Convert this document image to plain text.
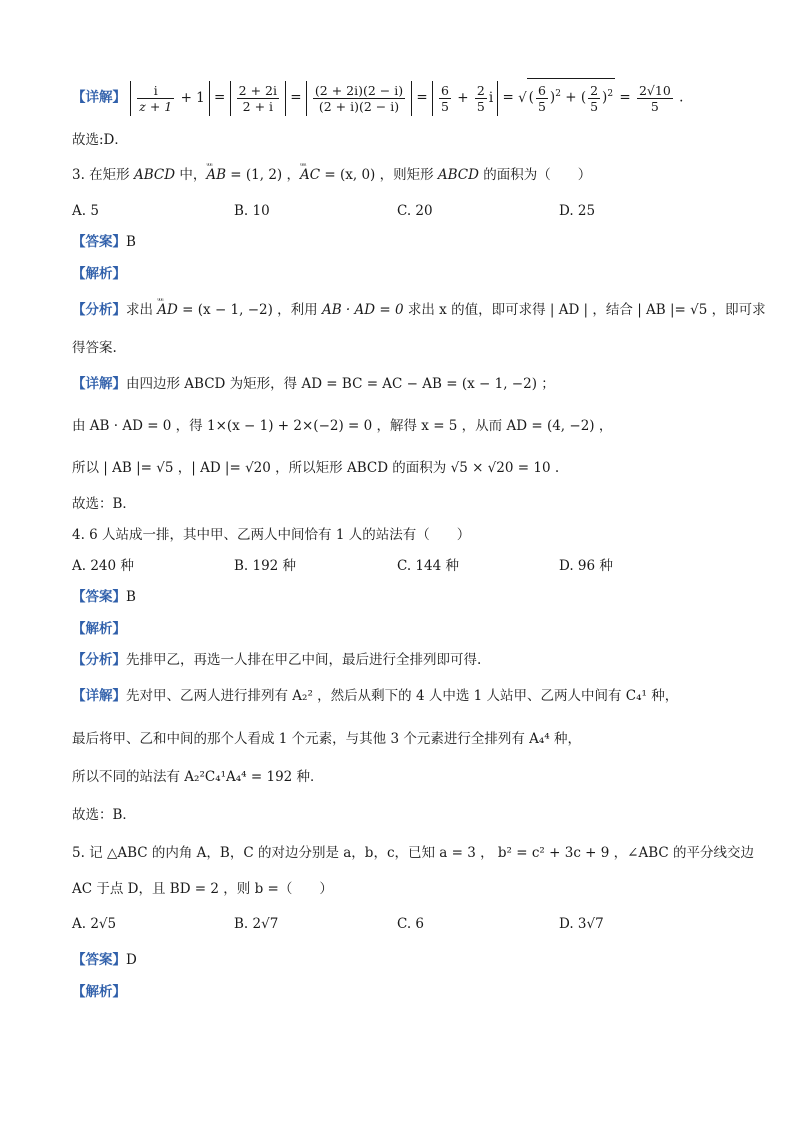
【详解】 $\frac{i}{z + 1} + 1 = \frac{2 + 2i}{2 + i} = \frac{(2 + 2i)(2 - i)}{(2 + i)(2 - i)} = \frac{6}{5} + \frac{2}{5}$ i = √( $\frac{6}{5} )^2$ + ( $\frac{2}{5} )^2 = \frac{2√10}{5}$ .
故选:D．
3. 在矩形 ABCD 中，ᵘᵘᵘ AB = (1, 2) ，ᵘᵘᵘ AC = (x, 0) ，则矩形 ABCD 的面积为（　　）
A. 5	B. 10	C. 20	D. 25
【答案】B
【解析】
【分析】求出 ᵘᵘᵘ AD = (x − 1, −2) ，利用 AB · AD = 0 求出 x 的值，即可求得 | AD | ，结合 | AB |= √5 ，即可求
得答案.
【详解】由四边形 ABCD 为矩形，得 AD = BC = AC − AB = (x − 1, −2) ；
由 AB · AD = 0 ，得 1×(x − 1) + 2×(−2) = 0 ，解得 x = 5 ，从而 AD = (4, −2) ，
所以 | AB |= √5 ，| AD |= √20 ，所以矩形 ABCD 的面积为 √5 × √20 = 10 .
故选：B．
4. 6 人站成一排，其中甲、乙两人中间恰有 1 人的站法有（　　）
A. 240 种	B. 192 种	C. 144 种	D. 96 种
【答案】B
【解析】
【分析】先排甲乙，再选一人排在甲乙中间，最后进行全排列即可得.
【详解】先对甲、乙两人进行排列有 A₂² ，然后从剩下的 4 人中选 1 人站甲、乙两人中间有 C₄¹ 种，
最后将甲、乙和中间的那个人看成 1 个元素，与其他 3 个元素进行全排列有 A₄⁴ 种，
所以不同的站法有 A₂²C₄¹A₄⁴ = 192 种．
故选：B．
5. 记 △ABC 的内角 A，B，C 的对边分别是 a，b，c，已知 a = 3 ， b² = c² + 3c + 9 ，∠ABC 的平分线交边
AC 于点 D，且 BD = 2 ，则 b =（　　）
A. 2√5	B. 2√7	C. 6	D. 3√7
【答案】D
【解析】
